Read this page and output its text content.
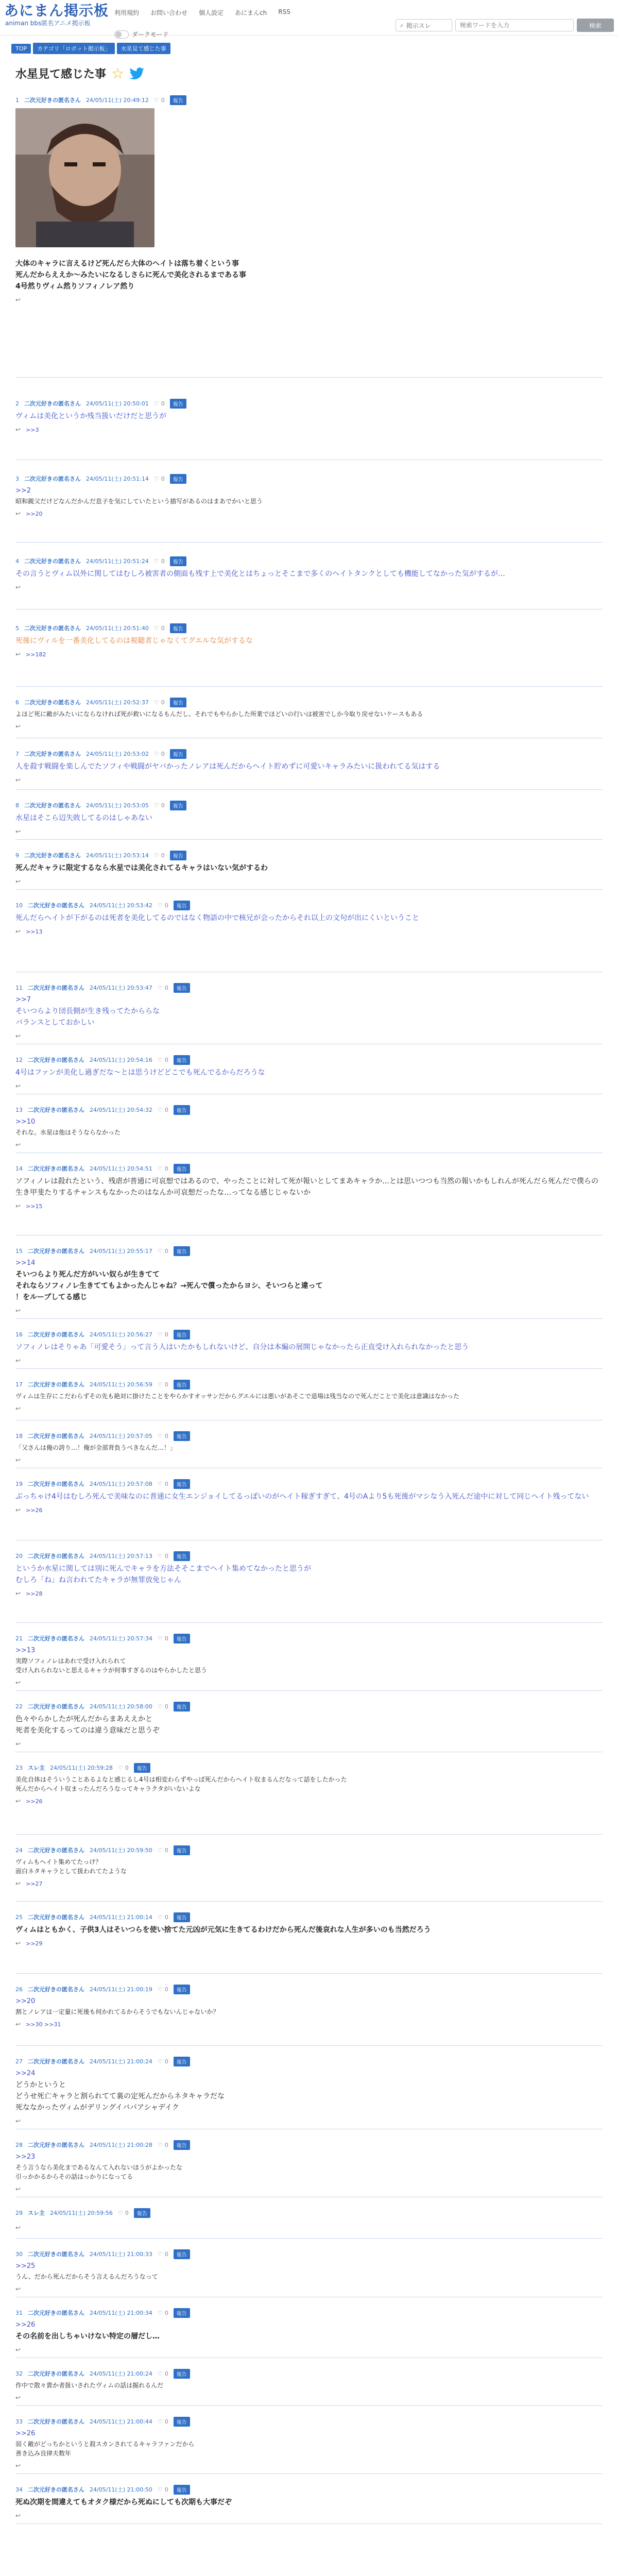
あにまん掲示板
animan bbs匿名アニメ掲示板
利用規約 お問い合わせ 個人設定 あにまんch RSS
ダークモード
⌕ 掲示スレ
検索ワードを入力	検索
TOP	カテゴリ「ロボット掲示板」	水星見て感じた事
水星見て感じた事 ☆
1 二次元好きの匿名さん 24/05/11(土) 20:49:12 ♡ 0	報告
大体のキャラに言えるけど死んだら大体のヘイトは落ち着くという事
死んだからええか～みたいになるしさらに死んで美化されるまである事
4号然りヴィム然りソフィノレア然り
↩
2 二次元好きの匿名さん 24/05/11(土) 20:50:01 ♡ 0	報告
ヴィムは美化というか残当扱いだけだと思うが
↩ >>3
3 二次元好きの匿名さん 24/05/11(土) 20:51:14 ♡ 0	報告
>>2
昭和親父だけどなんだかんだ息子を気にしていたという描写があるのはまあでかいと思う
↩ >>20
4 二次元好きの匿名さん 24/05/11(土) 20:51:24 ♡ 0	報告
その言うとヴィム以外に関してはむしろ被害者の側面も残す上で美化とはちょっとそこまで多くのヘイトタンクとしても機能してなかった気がするが…
↩
5 二次元好きの匿名さん 24/05/11(土) 20:51:40 ♡ 0	報告
死後にヴィルを一番美化してるのは視聴者じゃなくてグエルな気がするな
↩ >>182
6 二次元好きの匿名さん 24/05/11(土) 20:52:37 ♡ 0	報告
よほど死に敵がみたいにならなければ死が救いになるもんだし、それでもやらかした所業でほどいの行いは被害でしか今取り戻せないケースもある
↩
7 二次元好きの匿名さん 24/05/11(土) 20:53:02 ♡ 0	報告
人を殺す戦闘を楽しんでたソフィや戦闘がヤバかったノレアは死んだからヘイト貯めずに可愛いキャラみたいに扱われてる気はする
↩
8 二次元好きの匿名さん 24/05/11(土) 20:53:05 ♡ 0	報告
水星はそこら辺失敗してるのはしゃあない
↩
9 二次元好きの匿名さん 24/05/11(土) 20:53:14 ♡ 0	報告
死んだキャラに限定するなら水星では美化されてるキャラはいない気がするわ
↩
10 二次元好きの匿名さん 24/05/11(土) 20:53:42 ♡ 0	報告
死んだらヘイトが下がるのは死者を美化してるのではなく物語の中で核兄が会ったからそれ以上の文句が出にくいということ
↩ >>13
11 二次元好きの匿名さん 24/05/11(土) 20:53:47 ♡ 0	報告
>>7
そいつらより団長側が生き残ってたかららな
バランスとしておかしい
↩
12 二次元好きの匿名さん 24/05/11(土) 20:54:16 ♡ 0	報告
4号はファンが美化し過ぎだな～とは思うけどどこでも死んでるからだろうな
↩
13 二次元好きの匿名さん 24/05/11(土) 20:54:32 ♡ 0	報告
>>10
それな。水星は他はそうならなかった
↩
14 二次元好きの匿名さん 24/05/11(土) 20:54:51 ♡ 0	報告
ソフィノレは殺れたという、残虐が普通に可哀想ではあるので、やったことに対して死が報いとしてまあキャラか…とは思いつつも当然の報いかもしれんが死んだら死んだで僕らの生き甲斐たりするチャンスもなかったのはなんか可哀想だったな…ってなる感じじゃないか
↩ >>15
15 二次元好きの匿名さん 24/05/11(土) 20:55:17 ♡ 0	報告
>>14
そいつらより死んだ方がいい奴らが生きてて
それならソフィノレ生きててもよかったんじゃね？→死んで償ったからヨシ、そいつらと違って
！をループしてる感じ
↩
16 二次元好きの匿名さん 24/05/11(土) 20:56:27 ♡ 0	報告
ソフィノレはそりゃあ「可愛そう」って言う人はいたかもしれないけど、自分は本編の展開じゃなかったら正直受け入れられなかったと思う
↩
17 二次元好きの匿名さん 24/05/11(土) 20:56:59 ♡ 0	報告
ヴィムは生存にこだわらずその先も絶対に掛けたことをやらかすオッサンだからグエルには悪いがあそこで退場は残当なので死んだことで美化は意識はなかった
↩
18 二次元好きの匿名さん 24/05/11(土) 20:57:05 ♡ 0	報告
「父さんは俺の誇り…！俺が全部背負うべきなんだ…！」
↩
19 二次元好きの匿名さん 24/05/11(土) 20:57:08 ♡ 0	報告
ぶっちゃけ4号はむしろ死んで美味なのに普通に女生エンジョイしてるっぽいのがヘイト稼ぎすぎて、4号のAより5も死後がマシなう入死んだ途中に対して同じヘイト残ってない
↩ >>26
20 二次元好きの匿名さん 24/05/11(土) 20:57:13 ♡ 0	報告
というか水星に関しては別に死んでキャラを方法そそこまでヘイト集めてなかったと思うが
むしろ「ね」ね言われてたキャラが無罪放免じゃん
↩ >>28
21 二次元好きの匿名さん 24/05/11(土) 20:57:34 ♡ 0	報告
>>13
実際ソフィノレはあれで受け入れられて
受け入れられないと思えるキャラが何事すぎるのはやらかしたと思う
↩
22 二次元好きの匿名さん 24/05/11(土) 20:58:00 ♡ 0	報告
色々やらかしたが死んだからまあええかと
死者を美化するってのは違う意味だと思うぞ
↩
23 スレ主 24/05/11(土) 20:59:28 ♡ 0	報告
美化自体はそういうことあるよなと感じるし4号は相変わらずやっぱ死んだからヘイト収まるんだなって話をしたかった
死んだからヘイト収まったんだろうなってキャラクタがいないよな
↩ >>26
24 二次元好きの匿名さん 24/05/11(土) 20:59:50 ♡ 0	報告
ヴィムもヘイト集めてたっけ？
面白ネタキャラとして扱われてたような
↩ >>27
25 二次元好きの匿名さん 24/05/11(土) 21:00:14 ♡ 0	報告
ヴィムはともかく、子供3人はそいつらを使い捨てた元凶が元気に生きてるわけだから死んだ後哀れな人生が多いのも当然だろう
↩ >>29
26 二次元好きの匿名さん 24/05/11(土) 21:00:19 ♡ 0	報告
>>20
割とノレアは一定量に死後も何かれてるからそうでもないんじゃないか？
↩ >>30 >>31
27 二次元好きの匿名さん 24/05/11(土) 21:00:24 ♡ 0	報告
>>24
どうかというと
どうせ死亡キャラと割られてて裏の定死んだからネタキャラだな
死ななかったヴィムがデリングイバパアシャデイク
↩
28 二次元好きの匿名さん 24/05/11(土) 21:00:28 ♡ 0	報告
>>23
そう言うなら美化まであるなんて入れないほうがよかったな
引っかかるからその話はっかりになってる
↩
29 スレ主 24/05/11(土) 20:59:56 ♡ 0	報告
↩
30 二次元好きの匿名さん 24/05/11(土) 21:00:33 ♡ 0	報告
>>25
うん、だから死んだからそう言えるんだろうなって
↩
31 二次元好きの匿名さん 24/05/11(土) 21:00:34 ♡ 0	報告
>>26
その名前を出しちゃいけない特定の層だし…
↩
32 二次元好きの匿名さん 24/05/11(土) 21:00:24 ♡ 0	報告
作中で散々貴か者扱いされたヴィムの話は掘れるんだ
↩
33 二次元好きの匿名さん 24/05/11(土) 21:00:44 ♡ 0	報告
>>26
弱く敵がどっちかというと殺スカンされてるキャラファンだから
善き込み良律夫数年
↩
34 二次元好きの匿名さん 24/05/11(土) 21:00:50 ♡ 0	報告
死ぬ次期を間違えてもオタク様だから死ぬにしても次期も大事だぞ
↩
